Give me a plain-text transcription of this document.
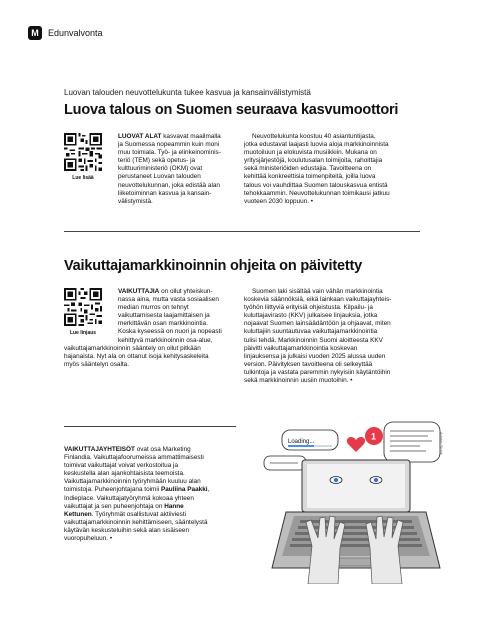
M	Edunvalvonta
Luovan talouden neuvottelukunta tukee kasvua ja kansainvälistymistä
Luova talous on Suomen seuraava kasvumoottori
Lue lisää
LUOVAT ALAT kasvavat maailmalla
ja Suomessa nopeammin kuin moni
muu toimiala. Työ- ja elinkeinominis-
teriö (TEM) sekä opetus- ja
kulttuuriministeriö (OKM) ovat
perustaneet Luovan talouden
neuvottelukunnan, joka edistää alan
liiketoiminnan kasvua ja kansain-
välistymistä.
Neuvottelukunta koostuu 40 asiantuntijasta,
jotka edustavat laajasti luovia aloja markkinoinnista
muotoiluun ja elokuvista musiikkiin. Mukana on
yritysjärjestöjä, koulutusalan toimijoita, rahoittajia
sekä ministeriöiden edustajia. Tavoitteena on
kehittää konkreettisia toimenpiteitä, joilla luova
talous voi vauhdittaa Suomen talouskasvua entistä
tehokkaammin. Neuvottelukunnan toimikausi jatkuu
vuoteen 2030 loppuun. •
Vaikuttajamarkkinoinnin ohjeita on päivitetty
Lue linjaus
VAIKUTTAJIA on ollut yhteiskun-
nassa aina, mutta vasta sosiaalisen
median murros on tehnyt
vaikuttamisesta laajamittaisen ja
merkittävän osan markkinointia.
Koska kyseessä on nuori ja nopeasti
kehittyvä markkinoinnin osa-alue,
vaikuttajamarkkinoinnin sääntely on ollut pitkään
hajanaista. Nyt ala on ottanut isoja kehitysaskeleita
myös sääntelyn osalta.
Suomen laki sisältää vain vähän markkinointia
koskevia säännöksiä, eikä lainkaan vaikuttajayhteis-
työhön liittyviä erityisiä ohjeistusta. Kilpailu- ja
kuluttajavirasto (KKV) julkaisee linjauksia, jotka
nojaavat Suomen lainsäädäntöön ja ohjaavat, miten
kuluttajiin suuntautuvaa vaikuttajamarkkinointia
tulisi tehdä. Markkinoinnin Suomi aloitteesta KKV
päivitti vaikuttajamarkkinointia koskevan
linjauksensa ja julkaisi vuoden 2025 alussa uuden
version. Päivityksen tavoitteena oli selkeyttää
tulkintoja ja vastata paremmin nykyisiin käytäntöihin
sekä markkinoinnin uusiin muotoihin. •
VAIKUTTAJAYHTEISÖT ovat osa Marketing
Finlandia. Vaikuttajafoorumeissa ammattimaisesti
toimivat vaikuttajat voivat verkostoitua ja
keskustella alan ajankohtaisista teemoista.
Vaikuttajamarkkinoinnin työryhmään kuuluu alan
toimistoja. Puheenjohtajana toimii Pauliina Paakki,
Indieplace. Vaikuttajatyöryhmä kokoaa yhteen
vaikuttajat ja sen puheenjohtaja on Hanne
Kettunen. Työryhmät osallistuvat aktiiviesti
vaikuttajamarkkinoinnin kehittämiseen, sääntelystä
käytävän keskusteluihin sekä alan sisäiseen
vuoropuheluun. •
Loading...
1	Adobe Stock
